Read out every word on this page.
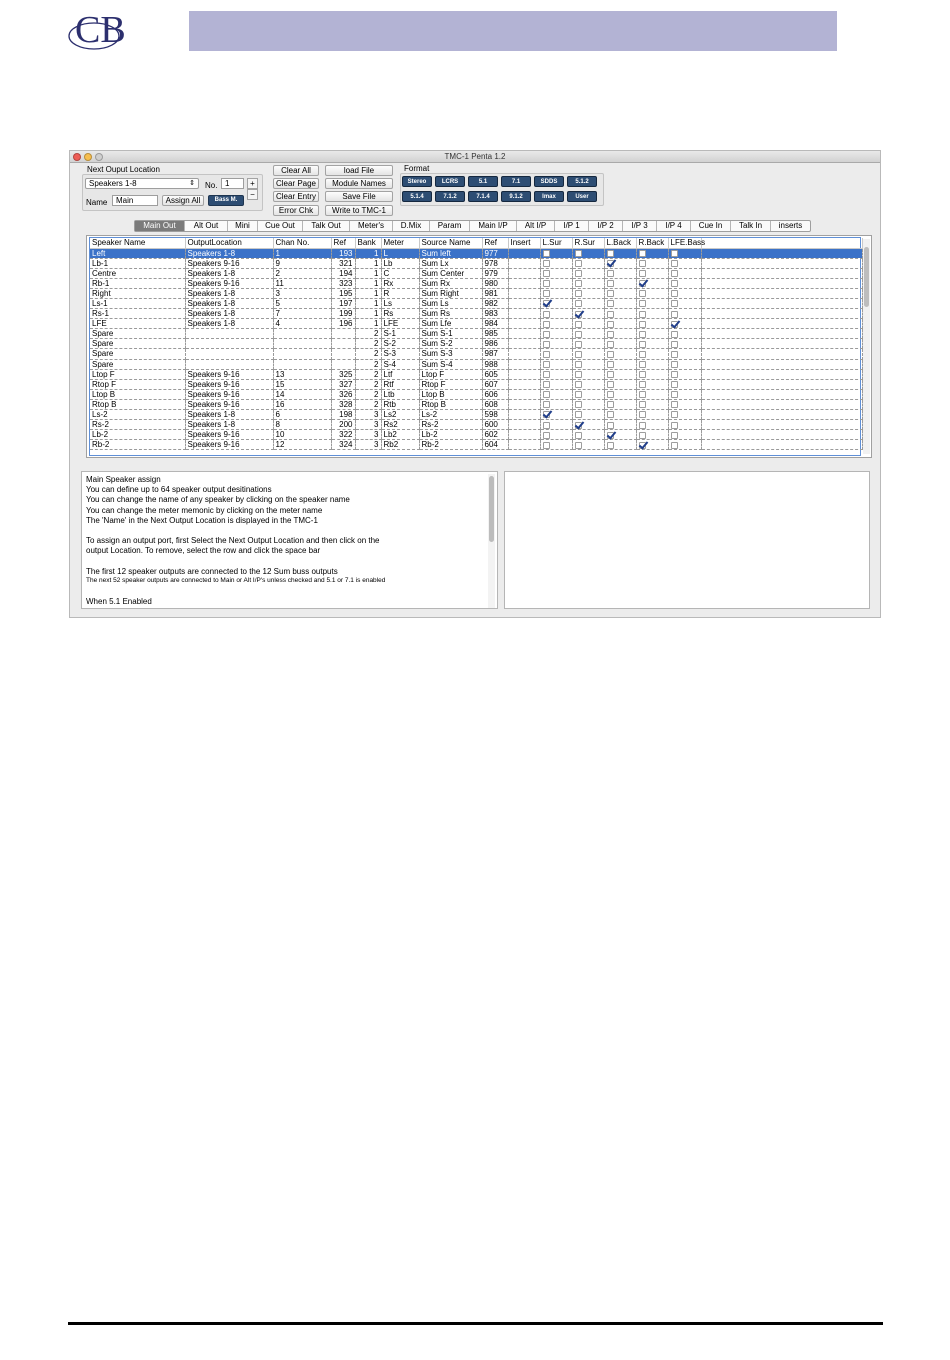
CB
TMC-1 Penta 1.2
Next Ouput Location
Speakers 1-8	⇕ No. 1	+
−
Name	Main	Assign All	Bass M.
Clear All
Clear Page
Clear Entry
Error Chk
load File
Module Names
Save File
Write to TMC-1
Format
Stereo	LCRS	5.1	7.1	SDDS	5.1.2
5.1.4	7.1.2	7.1.4	9.1.2	Imax	User
Main Out	Alt Out	Mini	Cue Out	Talk Out	Meter's	D.Mix	Param	Main I/P	Alt I/P	I/P 1	I/P 2	I/P 3	I/P 4	Cue In	Talk In	inserts
Speaker Name	OutputLocation	Chan No.	Ref	Bank	Meter	Source Name	Ref	Insert	L.Sur	R.Sur	L.Back	R.Back	LFE.Bass	
Left	Speakers 1-8	1	193	1	L	Sum left	977							
Lb-1	Speakers 9-16	9	321	1	Lb	Sum Lx	978							
Centre	Speakers 1-8	2	194	1	C	Sum Center	979							
Rb-1	Speakers 9-16	11	323	1	Rx	Sum Rx	980							
Right	Speakers 1-8	3	195	1	R	Sum Right	981							
Ls-1	Speakers 1-8	5	197	1	Ls	Sum Ls	982							
Rs-1	Speakers 1-8	7	199	1	Rs	Sum Rs	983							
LFE	Speakers 1-8	4	196	1	LFE	Sum Lfe	984							
Spare				2	S-1	Sum S-1	985							
Spare				2	S-2	Sum S-2	986							
Spare				2	S-3	Sum S-3	987							
Spare				2	S-4	Sum S-4	988							
Ltop F	Speakers 9-16	13	325	2	Ltf	Ltop F	605							
Rtop F	Speakers 9-16	15	327	2	Rtf	Rtop F	607							
Ltop B	Speakers 9-16	14	326	2	Ltb	Ltop B	606							
Rtop B	Speakers 9-16	16	328	2	Rtb	Rtop B	608							
Ls-2	Speakers 1-8	6	198	3	Ls2	Ls-2	598							
Rs-2	Speakers 1-8	8	200	3	Rs2	Rs-2	600							
Lb-2	Speakers 9-16	10	322	3	Lb2	Lb-2	602							
Rb-2	Speakers 9-16	12	324	3	Rb2	Rb-2	604							
Main Speaker assign
You can define up to 64 speaker output desitinations
You can change the name of any speaker by clicking on the speaker name
You can change the meter memonic by clicking on the meter name
The 'Name' in the Next Output Location is displayed in the TMC-1
To assign an output port, first Select the Next Output Location and then click on the
output Location. To remove, select the row and click the space bar
The first 12 speaker outputs are connected to the 12 Sum buss outputs
The next 52 speaker outputs are connected to Main or Alt I/P's unless checked and 5.1 or 7.1 is enabled
When 5.1 Enabled
